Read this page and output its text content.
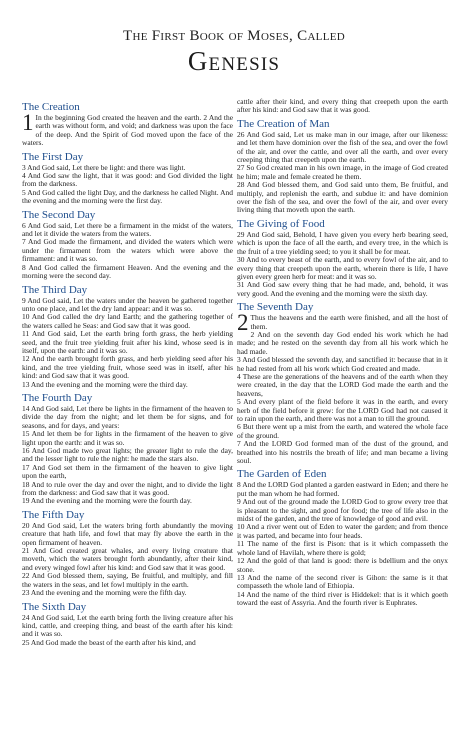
The First Book of Moses, Called
Genesis
The Creation

1In the beginning God created the heaven and the earth. 2 And the earth was without form, and void; and darkness was upon the face of the deep. And the Spirit of God moved upon the face of the waters.

The First Day

3 And God said, Let there be light: and there was light.

4 And God saw the light, that it was good: and God divided the light from the darkness.

5 And God called the light Day, and the darkness he called Night. And the evening and the morning were the first day.

The Second Day

6 And God said, Let there be a firmament in the midst of the waters, and let it divide the waters from the waters.

7 And God made the firmament, and divided the waters which were under the firmament from the waters which were above the firmament: and it was so.

8 And God called the firmament Heaven. And the evening and the morning were the second day.

The Third Day

9 And God said, Let the waters under the heaven be gathered together unto one place, and let the dry land appear: and it was so.

10 And God called the dry land Earth; and the gathering together of the waters called he Seas: and God saw that it was good.

11 And God said, Let the earth bring forth grass, the herb yielding seed, and the fruit tree yielding fruit after his kind, whose seed is in itself, upon the earth: and it was so.

12 And the earth brought forth grass, and herb yielding seed after his kind, and the tree yielding fruit, whose seed was in itself, after his kind: and God saw that it was good.

13 And the evening and the morning were the third day.

The Fourth Day

14 And God said, Let there be lights in the firmament of the heaven to divide the day from the night; and let them be for signs, and for seasons, and for days, and years:

15 And let them be for lights in the firmament of the heaven to give light upon the earth: and it was so.

16 And God made two great lights; the greater light to rule the day, and the lesser light to rule the night: he made the stars also.

17 And God set them in the firmament of the heaven to give light upon the earth,

18 And to rule over the day and over the night, and to divide the light from the darkness: and God saw that it was good.

19 And the evening and the morning were the fourth day.

The Fifth Day

20 And God said, Let the waters bring forth abundantly the moving creature that hath life, and fowl that may fly above the earth in the open firmament of heaven.

21 And God created great whales, and every living creature that moveth, which the waters brought forth abundantly, after their kind, and every winged fowl after his kind: and God saw that it was good.

22 And God blessed them, saying, Be fruitful, and multiply, and fill the waters in the seas, and let fowl multiply in the earth.

23 And the evening and the morning were the fifth day.

The Sixth Day

24 And God said, Let the earth bring forth the living creature after his kind, cattle, and creeping thing, and beast of the earth after his kind: and it was so.

25 And God made the beast of the earth after his kind, and

cattle after their kind, and every thing that creepeth upon the earth after his kind: and God saw that it was good.

The Creation of Man

26 And God said, Let us make man in our image, after our likeness: and let them have dominion over the fish of the sea, and over the fowl of the air, and over the cattle, and over all the earth, and over every creeping thing that creepeth upon the earth.

27 So God created man in his own image, in the image of God created he him; male and female created he them.

28 And God blessed them, and God said unto them, Be fruitful, and multiply, and replenish the earth, and subdue it: and have dominion over the fish of the sea, and over the fowl of the air, and over every living thing that moveth upon the earth.

The Giving of Food

29 And God said, Behold, I have given you every herb bearing seed, which is upon the face of all the earth, and every tree, in the which is the fruit of a tree yielding seed; to you it shall be for meat.

30 And to every beast of the earth, and to every fowl of the air, and to every thing that creepeth upon the earth, wherein there is life, I have given every green herb for meat: and it was so.

31 And God saw every thing that he had made, and, behold, it was very good. And the evening and the morning were the sixth day.

The Seventh Day

2Thus the heavens and the earth were finished, and all the host of them.

2 And on the seventh day God ended his work which he had made; and he rested on the seventh day from all his work which he had made.

3 And God blessed the seventh day, and sanctified it: because that in it he had rested from all his work which God created and made.

4 These are the generations of the heavens and of the earth when they were created, in the day that the LORD God made the earth and the heavens,

5 And every plant of the field before it was in the earth, and every herb of the field before it grew: for the LORD God had not caused it to rain upon the earth, and there was not a man to till the ground.

6 But there went up a mist from the earth, and watered the whole face of the ground.

7 And the LORD God formed man of the dust of the ground, and breathed into his nostrils the breath of life; and man became a living soul.

The Garden of Eden

8 And the LORD God planted a garden eastward in Eden; and there he put the man whom he had formed.

9 And out of the ground made the LORD God to grow every tree that is pleasant to the sight, and good for food; the tree of life also in the midst of the garden, and the tree of knowledge of good and evil.

10 And a river went out of Eden to water the garden; and from thence it was parted, and became into four heads.

11 The name of the first is Pison: that is it which compasseth the whole land of Havilah, where there is gold;

12 And the gold of that land is good: there is bdellium and the onyx stone.

13 And the name of the second river is Gihon: the same is it that compasseth the whole land of Ethiopia.

14 And the name of the third river is Hiddekel: that is it which goeth toward the east of Assyria. And the fourth river is Euphrates.
